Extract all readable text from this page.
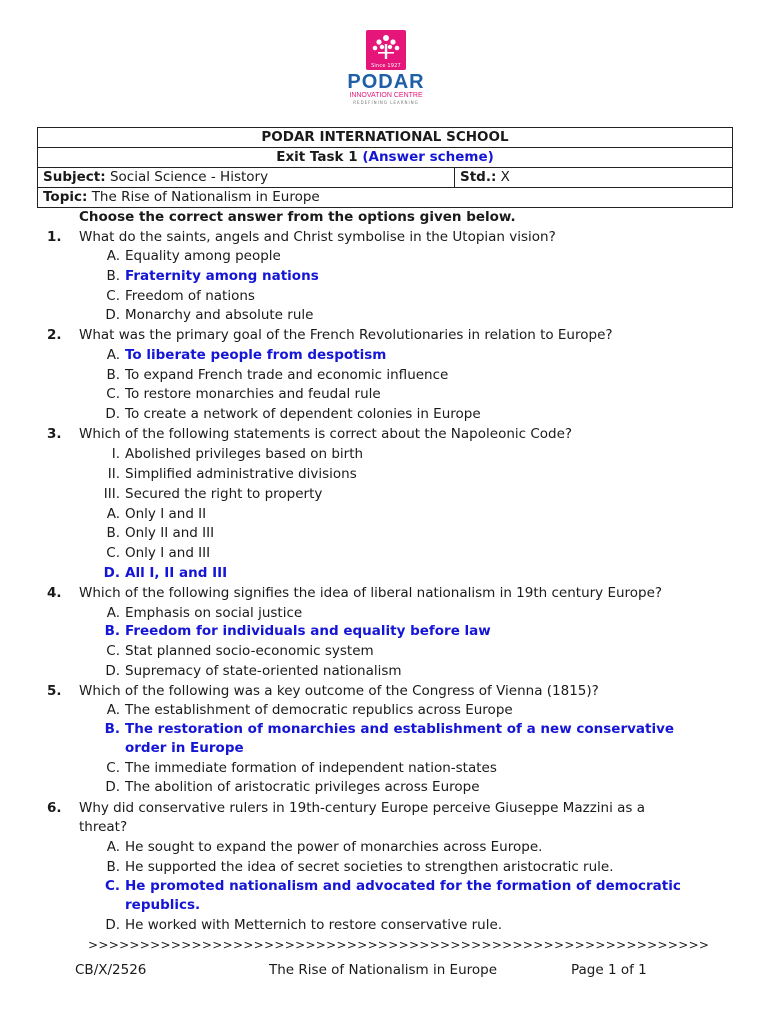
Since 1927
PODAR
INNOVATION CENTRE
REDEFINING LEARNING
PODAR INTERNATIONAL SCHOOL
Exit Task 1 (Answer scheme)
Subject: Social Science - History	Std.: X
Topic: The Rise of Nationalism in Europe
Choose the correct answer from the options given below.
1. What do the saints, angels and Christ symbolise in the Utopian vision?
A. Equality among people
B. Fraternity among nations
C. Freedom of nations
D. Monarchy and absolute rule
2. What was the primary goal of the French Revolutionaries in relation to Europe?
A. To liberate people from despotism
B. To expand French trade and economic influence
C. To restore monarchies and feudal rule
D. To create a network of dependent colonies in Europe
3. Which of the following statements is correct about the Napoleonic Code?
I. Abolished privileges based on birth
II. Simplified administrative divisions
III. Secured the right to property
A. Only I and II
B. Only II and III
C. Only I and III
D. All I, II and III
4. Which of the following signifies the idea of liberal nationalism in 19th century Europe?
A. Emphasis on social justice
B. Freedom for individuals and equality before law
C. Stat planned socio-economic system
D. Supremacy of state-oriented nationalism
5. Which of the following was a key outcome of the Congress of Vienna (1815)?
A. The establishment of democratic republics across Europe
B. The restoration of monarchies and establishment of a new conservative
order in Europe
C. The immediate formation of independent nation-states
D. The abolition of aristocratic privileges across Europe
6. Why did conservative rulers in 19th-century Europe perceive Giuseppe Mazzini as a
threat?
A. He sought to expand the power of monarchies across Europe.
B. He supported the idea of secret societies to strengthen aristocratic rule.
C. He promoted nationalism and advocated for the formation of democratic
republics.
D. He worked with Metternich to restore conservative rule.
>>>>>>>>>>>>>>>>>>>>>>>>>>>>>>>>>>>>>>>>>>>>>>>>>>>>>>>>>>>>
CB/X/2526	The Rise of Nationalism in Europe	Page 1 of 1
